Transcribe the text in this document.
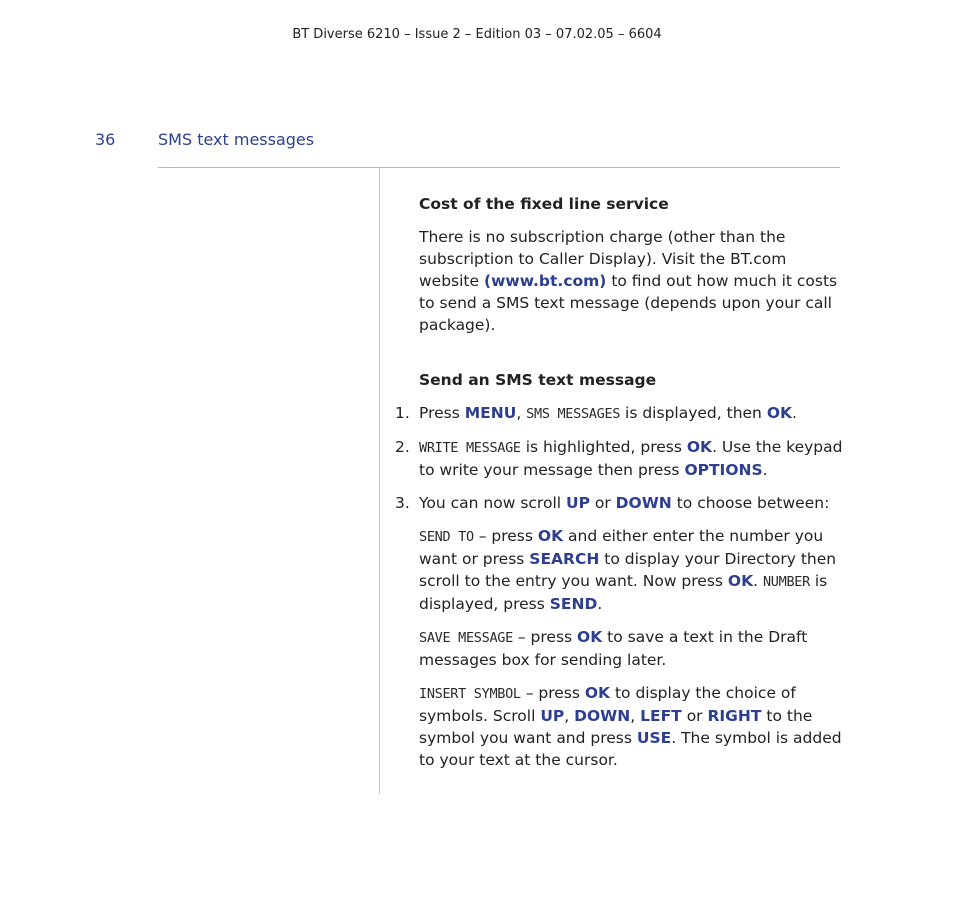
BT Diverse 6210 – Issue 2 – Edition 03 – 07.02.05 – 6604
36	SMS text messages
Cost of the fixed line service

There is no subscription charge (other than the subscription to Caller Display). Visit the BT.com website (www.bt.com) to find out how much it costs to send a SMS text message (depends upon your call package).

Send an SMS text message
1. Press MENU, SMS MESSAGES is displayed, then OK.
2. WRITE MESSAGE is highlighted, press OK. Use the keypad to write your message then press OPTIONS.
3. You can now scroll UP or DOWN to choose between:

SEND TO – press OK and either enter the number you want or press SEARCH to display your Directory then scroll to the entry you want. Now press OK. NUMBER is displayed, press SEND.

SAVE MESSAGE – press OK to save a text in the Draft messages box for sending later.

INSERT SYMBOL – press OK to display the choice of symbols. Scroll UP, DOWN, LEFT or RIGHT to the symbol you want and press USE. The symbol is added to your text at the cursor.
